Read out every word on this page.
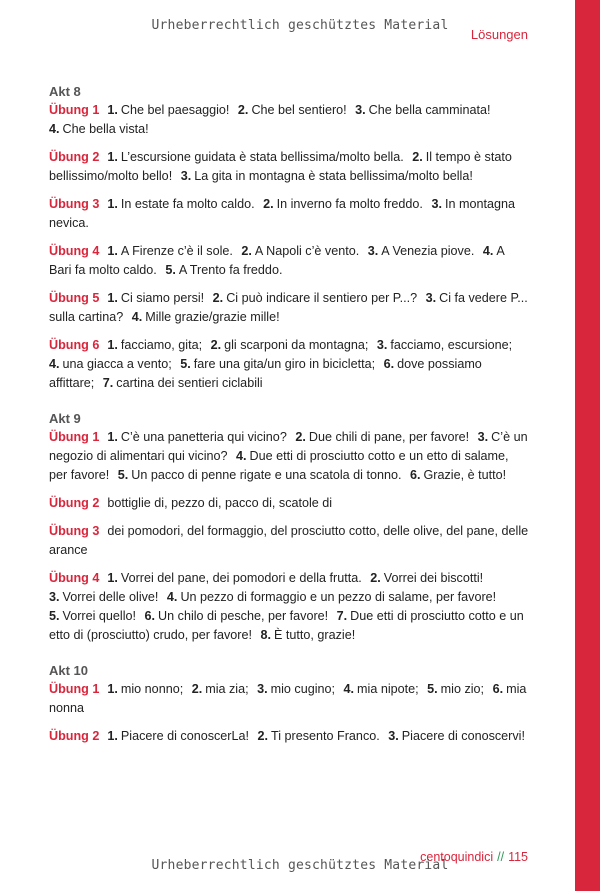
Urheberrechtlich geschütztes Material
Lösungen
Akt 8
Übung 1 1. Che bel paesaggio! 2. Che bel sentiero! 3. Che bella camminata! 4. Che bella vista!
Übung 2 1. L’escursione guidata è stata bellissima/molto bella. 2. Il tempo è stato bellissimo/molto bello! 3. La gita in montagna è stata bellissima/molto bella!
Übung 3 1. In estate fa molto caldo. 2. In inverno fa molto freddo. 3. In montagna nevica.
Übung 4 1. A Firenze c’è il sole. 2. A Napoli c’è vento. 3. A Venezia piove. 4. A Bari fa molto caldo. 5. A Trento fa freddo.
Übung 5 1. Ci siamo persi! 2. Ci può indicare il sentiero per P...? 3. Ci fa vedere P... sulla cartina? 4. Mille grazie/grazie mille!
Übung 6 1. facciamo, gita; 2. gli scarponi da montagna; 3. facciamo, escursione; 4. una giacca a vento; 5. fare una gita/un giro in bicicletta; 6. dove possiamo affittare; 7. cartina dei sentieri ciclabili
Akt 9
Übung 1 1. C’è una panetteria qui vicino? 2. Due chili di pane, per favore! 3. C’è un negozio di alimentari qui vicino? 4. Due etti di prosciutto cotto e un etto di salame, per favore! 5. Un pacco di penne rigate e una scatola di tonno. 6. Grazie, è tutto!
Übung 2 bottiglie di, pezzo di, pacco di, scatole di
Übung 3 dei pomodori, del formaggio, del prosciutto cotto, delle olive, del pane, delle arance
Übung 4 1. Vorrei del pane, dei pomodori e della frutta. 2. Vorrei dei biscotti! 3. Vorrei delle olive! 4. Un pezzo di formaggio e un pezzo di salame, per favore! 5. Vorrei quello! 6. Un chilo di pesche, per favore! 7. Due etti di prosciutto cotto e un etto di (prosciutto) crudo, per favore! 8. È tutto, grazie!
Akt 10
Übung 1 1. mio nonno; 2. mia zia; 3. mio cugino; 4. mia nipote; 5. mio zio; 6. mia nonna
Übung 2 1. Piacere di conoscerLa! 2. Ti presento Franco. 3. Piacere di conoscervi!
centoquindici // 115
Urheberrechtlich geschütztes Material
